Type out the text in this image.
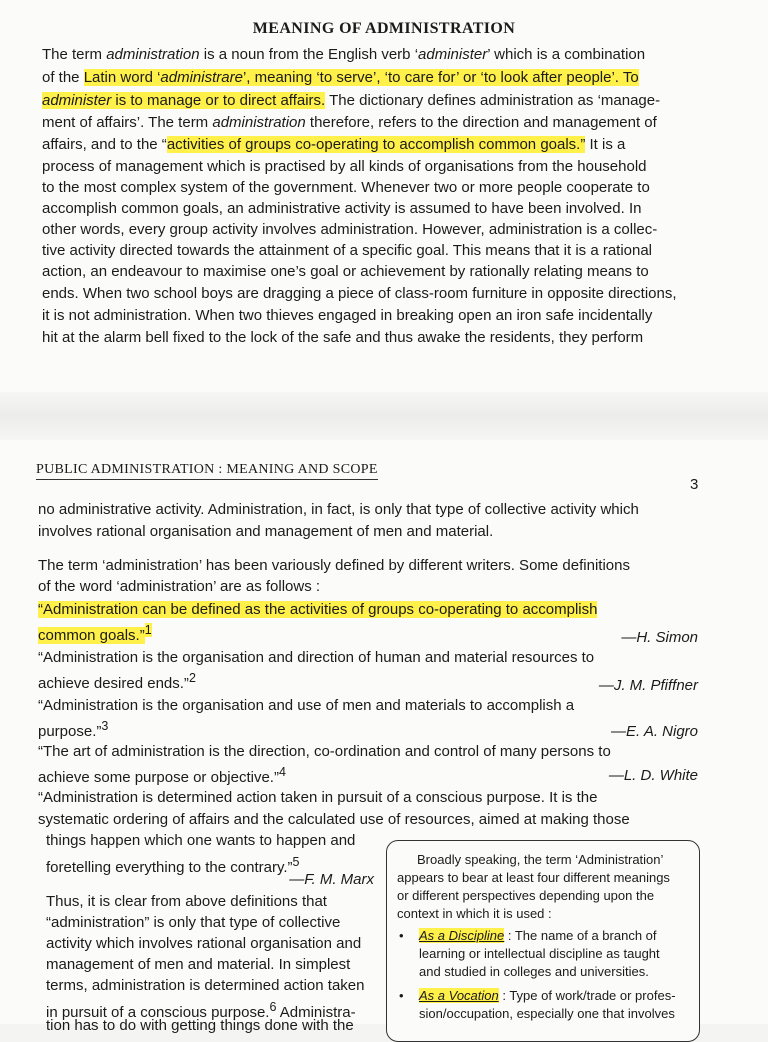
MEANING OF ADMINISTRATION
The term administration is a noun from the English verb ‘administer’ which is a combination
of the Latin word ‘administrare’, meaning ‘to serve’, ‘to care for’ or ‘to look after people’. To
administer is to manage or to direct affairs. The dictionary defines administration as ‘manage-
ment of affairs’. The term administration therefore, refers to the direction and management of
affairs, and to the “activities of groups co-operating to accomplish common goals.” It is a
process of management which is practised by all kinds of organisations from the household
to the most complex system of the government. Whenever two or more people cooperate to
accomplish common goals, an administrative activity is assumed to have been involved. In
other words, every group activity involves administration. However, administration is a collec-
tive activity directed towards the attainment of a specific goal. This means that it is a rational
action, an endeavour to maximise one’s goal or achievement by rationally relating means to
ends. When two school boys are dragging a piece of class-room furniture in opposite directions,
it is not administration. When two thieves engaged in breaking open an iron safe incidentally
hit at the alarm bell fixed to the lock of the safe and thus awake the residents, they perform
PUBLIC ADMINISTRATION : MEANING AND SCOPE
3
no administrative activity. Administration, in fact, is only that type of collective activity which
involves rational organisation and management of men and material.
The term ‘administration’ has been variously defined by different writers. Some definitions
of the word ‘administration’ are as follows :
“Administration can be defined as the activities of groups co-operating to accomplish
common goals.”$^1$	—H. Simon
“Administration is the organisation and direction of human and material resources to
achieve desired ends.”$^2$	—J. M. Pfiffner
“Administration is the organisation and use of men and materials to accomplish a
purpose.”$^3$	—E. A. Nigro
“The art of administration is the direction, co-ordination and control of many persons to
achieve some purpose or objective.”$^4$	—L. D. White
“Administration is determined action taken in pursuit of a conscious purpose. It is the
systematic ordering of affairs and the calculated use of resources, aimed at making those
things happen which one wants to happen and
foretelling everything to the contrary.”$^5$
—F. M. Marx
Thus, it is clear from above definitions that
“administration” is only that type of collective
activity which involves rational organisation and
management of men and material. In simplest
terms, administration is determined action taken
in pursuit of a conscious purpose.$^6$ Administra-
tion has to do with getting things done with the
Broadly speaking, the term ‘Administration’
appears to bear at least four different meanings
or different perspectives depending upon the
context in which it is used :
• As a Discipline : The name of a branch of
learning or intellectual discipline as taught
and studied in colleges and universities.
• As a Vocation : Type of work/trade or profes-
sion/occupation, especially one that involves
